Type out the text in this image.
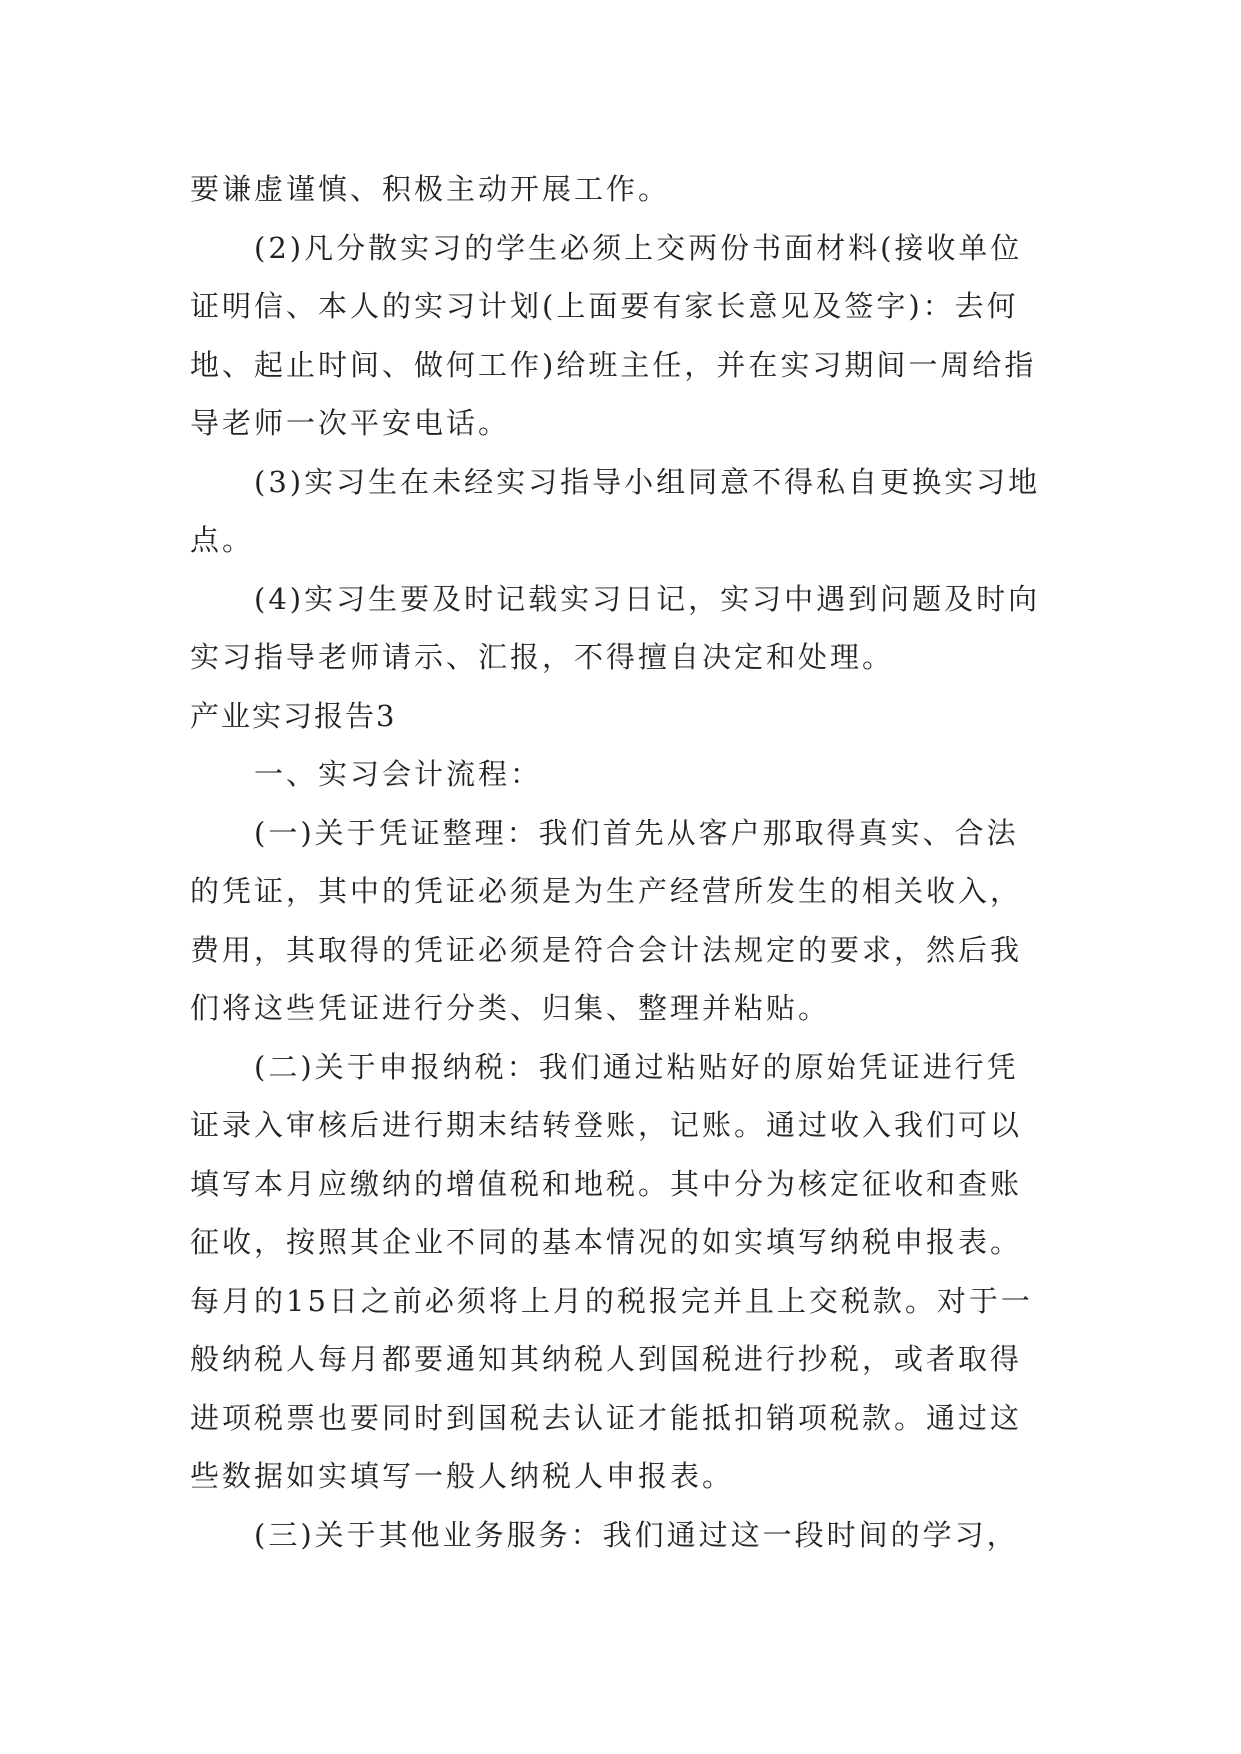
要谦虚谨慎、积极主动开展工作。

(2)凡分散实习的学生必须上交两份书面材料(接收单位证明信、本人的实习计划(上面要有家长意见及签字)：去何地、起止时间、做何工作)给班主任，并在实习期间一周给指导老师一次平安电话。

(3)实习生在未经实习指导小组同意不得私自更换实习地点。

(4)实习生要及时记载实习日记，实习中遇到问题及时向实习指导老师请示、汇报，不得擅自决定和处理。

产业实习报告3

一、实习会计流程：

(一)关于凭证整理：我们首先从客户那取得真实、合法的凭证，其中的凭证必须是为生产经营所发生的相关收入，费用，其取得的凭证必须是符合会计法规定的要求，然后我们将这些凭证进行分类、归集、整理并粘贴。

(二)关于申报纳税：我们通过粘贴好的原始凭证进行凭证录入审核后进行期末结转登账，记账。通过收入我们可以填写本月应缴纳的增值税和地税。其中分为核定征收和查账征收，按照其企业不同的基本情况的如实填写纳税申报表。每月的15日之前必须将上月的税报完并且上交税款。对于一般纳税人每月都要通知其纳税人到国税进行抄税，或者取得进项税票也要同时到国税去认证才能抵扣销项税款。通过这些数据如实填写一般人纳税人申报表。

(三)关于其他业务服务：我们通过这一段时间的学习，
